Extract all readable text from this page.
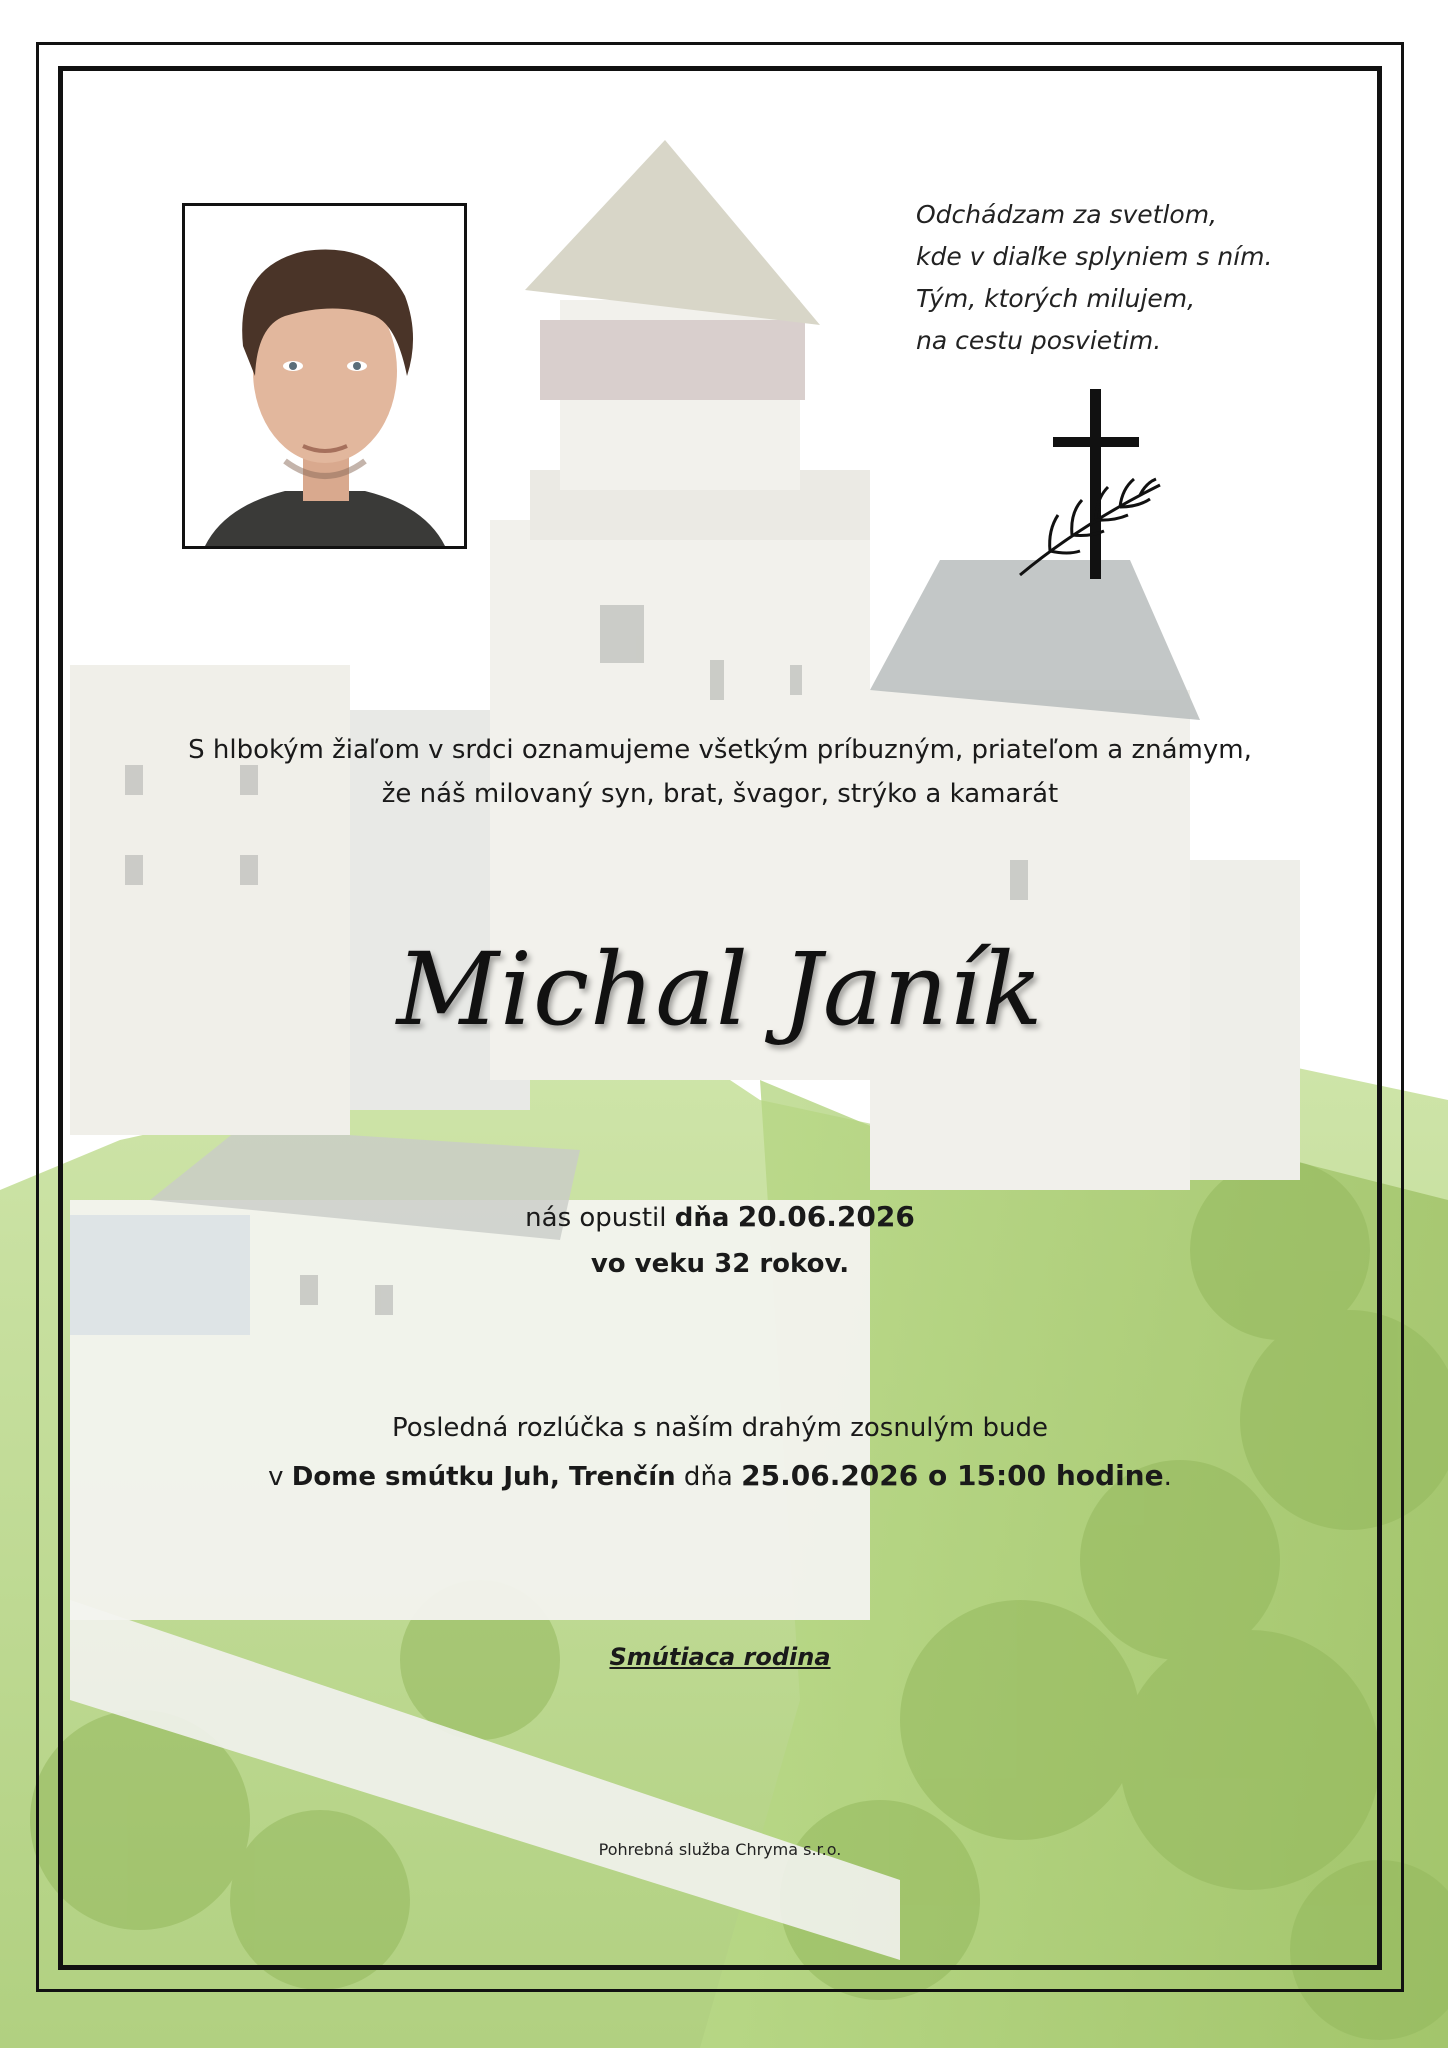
Odchádzam za svetlom,
kde v diaľke splyniem s ním.
Tým, ktorých milujem,
na cestu posvietim.
S hlbokým žiaľom v srdci oznamujeme všetkým príbuzným, priateľom a známym,
že náš milovaný syn, brat, švagor, strýko a kamarát
Michal Janík
nás opustil dňa 20.06.2026
vo veku 32 rokov.
Posledná rozlúčka s naším drahým zosnulým bude
v Dome smútku Juh, Trenčín dňa 25.06.2026 o 15:00 hodine.
Smútiaca rodina
Pohrebná služba Chryma s.r.o.
